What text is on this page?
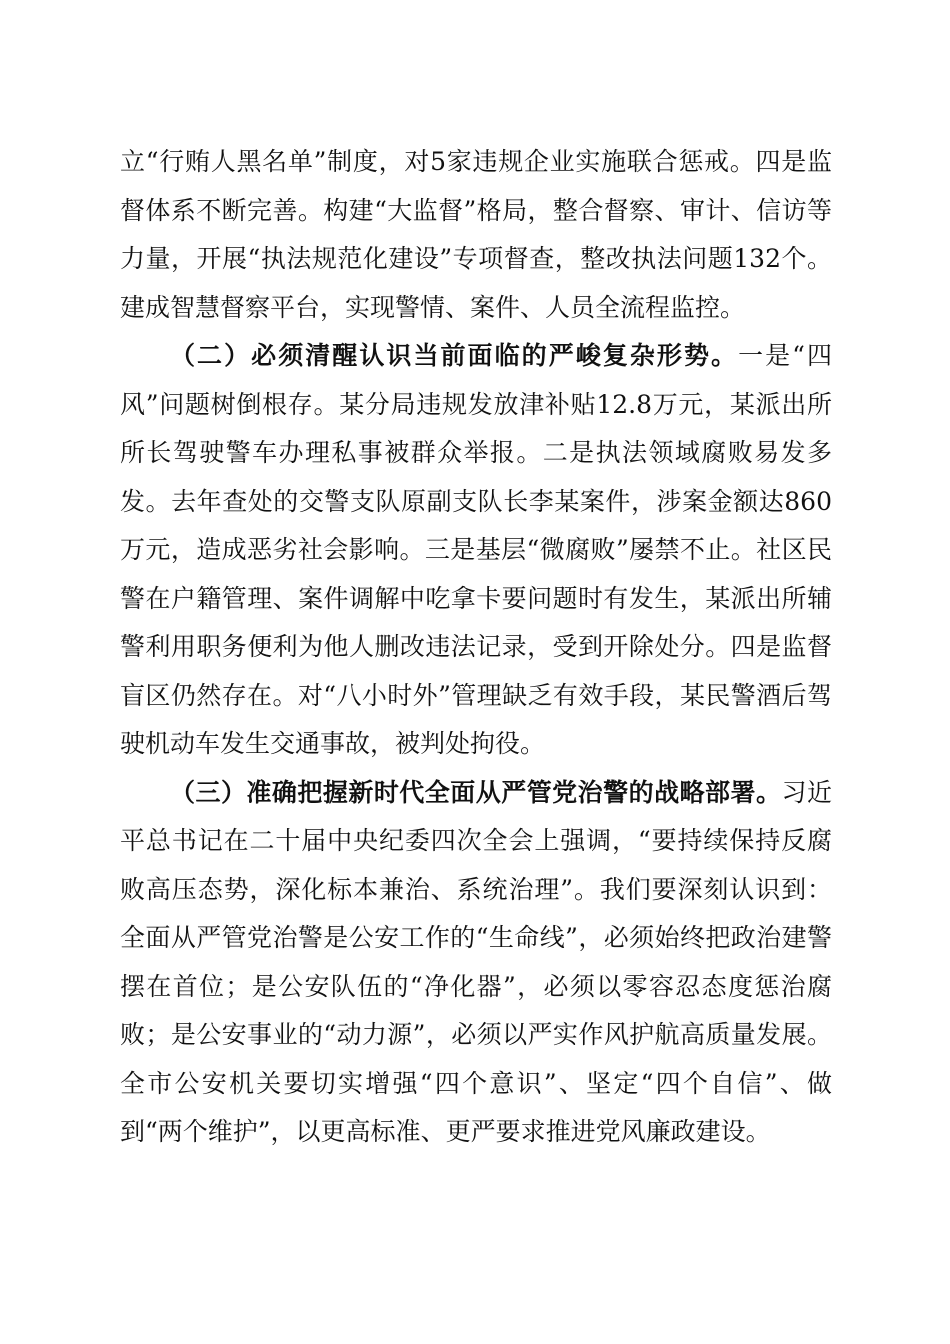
立“行贿人黑名单”制度，对5家违规企业实施联合惩戒。四是监督体系不断完善。构建“大监督”格局，整合督察、审计、信访等力量，开展“执法规范化建设”专项督查，整改执法问题132个。建成智慧督察平台，实现警情、案件、人员全流程监控。

（二）必须清醒认识当前面临的严峻复杂形势。一是“四风”问题树倒根存。某分局违规发放津补贴12.8万元，某派出所所长驾驶警车办理私事被群众举报。二是执法领域腐败易发多发。去年查处的交警支队原副支队长李某案件，涉案金额达860万元，造成恶劣社会影响。三是基层“微腐败”屡禁不止。社区民警在户籍管理、案件调解中吃拿卡要问题时有发生，某派出所辅警利用职务便利为他人删改违法记录，受到开除处分。四是监督盲区仍然存在。对“八小时外”管理缺乏有效手段，某民警酒后驾驶机动车发生交通事故，被判处拘役。

（三）准确把握新时代全面从严管党治警的战略部署。习近平总书记在二十届中央纪委四次全会上强调，“要持续保持反腐败高压态势，深化标本兼治、系统治理”。我们要深刻认识到：全面从严管党治警是公安工作的“生命线”，必须始终把政治建警摆在首位；是公安队伍的“净化器”，必须以零容忍态度惩治腐败；是公安事业的“动力源”，必须以严实作风护航高质量发展。全市公安机关要切实增强“四个意识”、坚定“四个自信”、做到“两个维护”，以更高标准、更严要求推进党风廉政建设。
